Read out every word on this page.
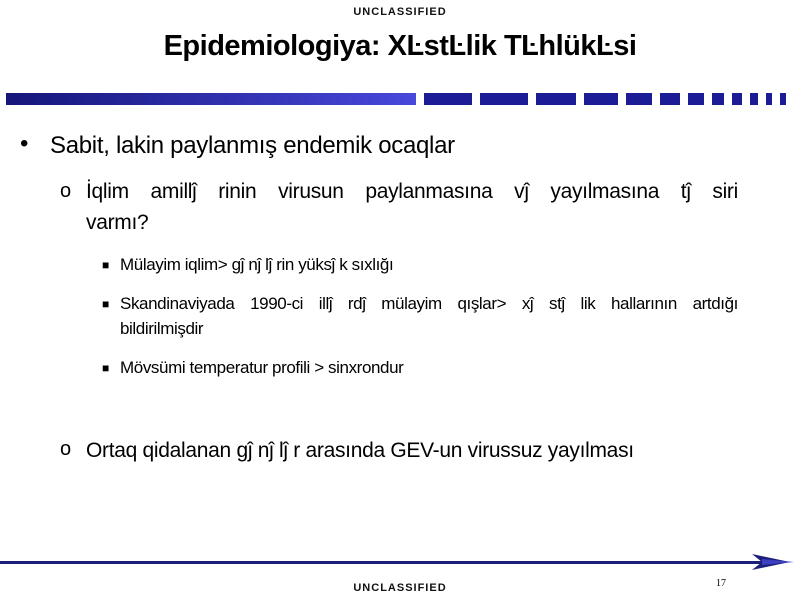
UNCLASSIFIED
Epidemiologiya: XĿstĿlik TĿhlükĿsi
• Sabit, lakin paylanmış endemik ocaqlar
o İqlim amillĵ rinin virusun paylanmasına vĵ yayılmasına tĵ siri
varmı?
■ Mülayim iqlim> gĵ nĵ lĵ rin yüksĵ k sıxlığı
■ Skandinaviyada 1990-ci illĵ rdĵ mülayim qışlar> xĵ stĵ lik hallarının artdığı
bildirilmişdir
■ Mövsümi temperatur profili > sinxrondur
o Ortaq qidalanan gĵ nĵ lĵ r arasında GEV-un virussuz yayılması
UNCLASSIFIED	17
